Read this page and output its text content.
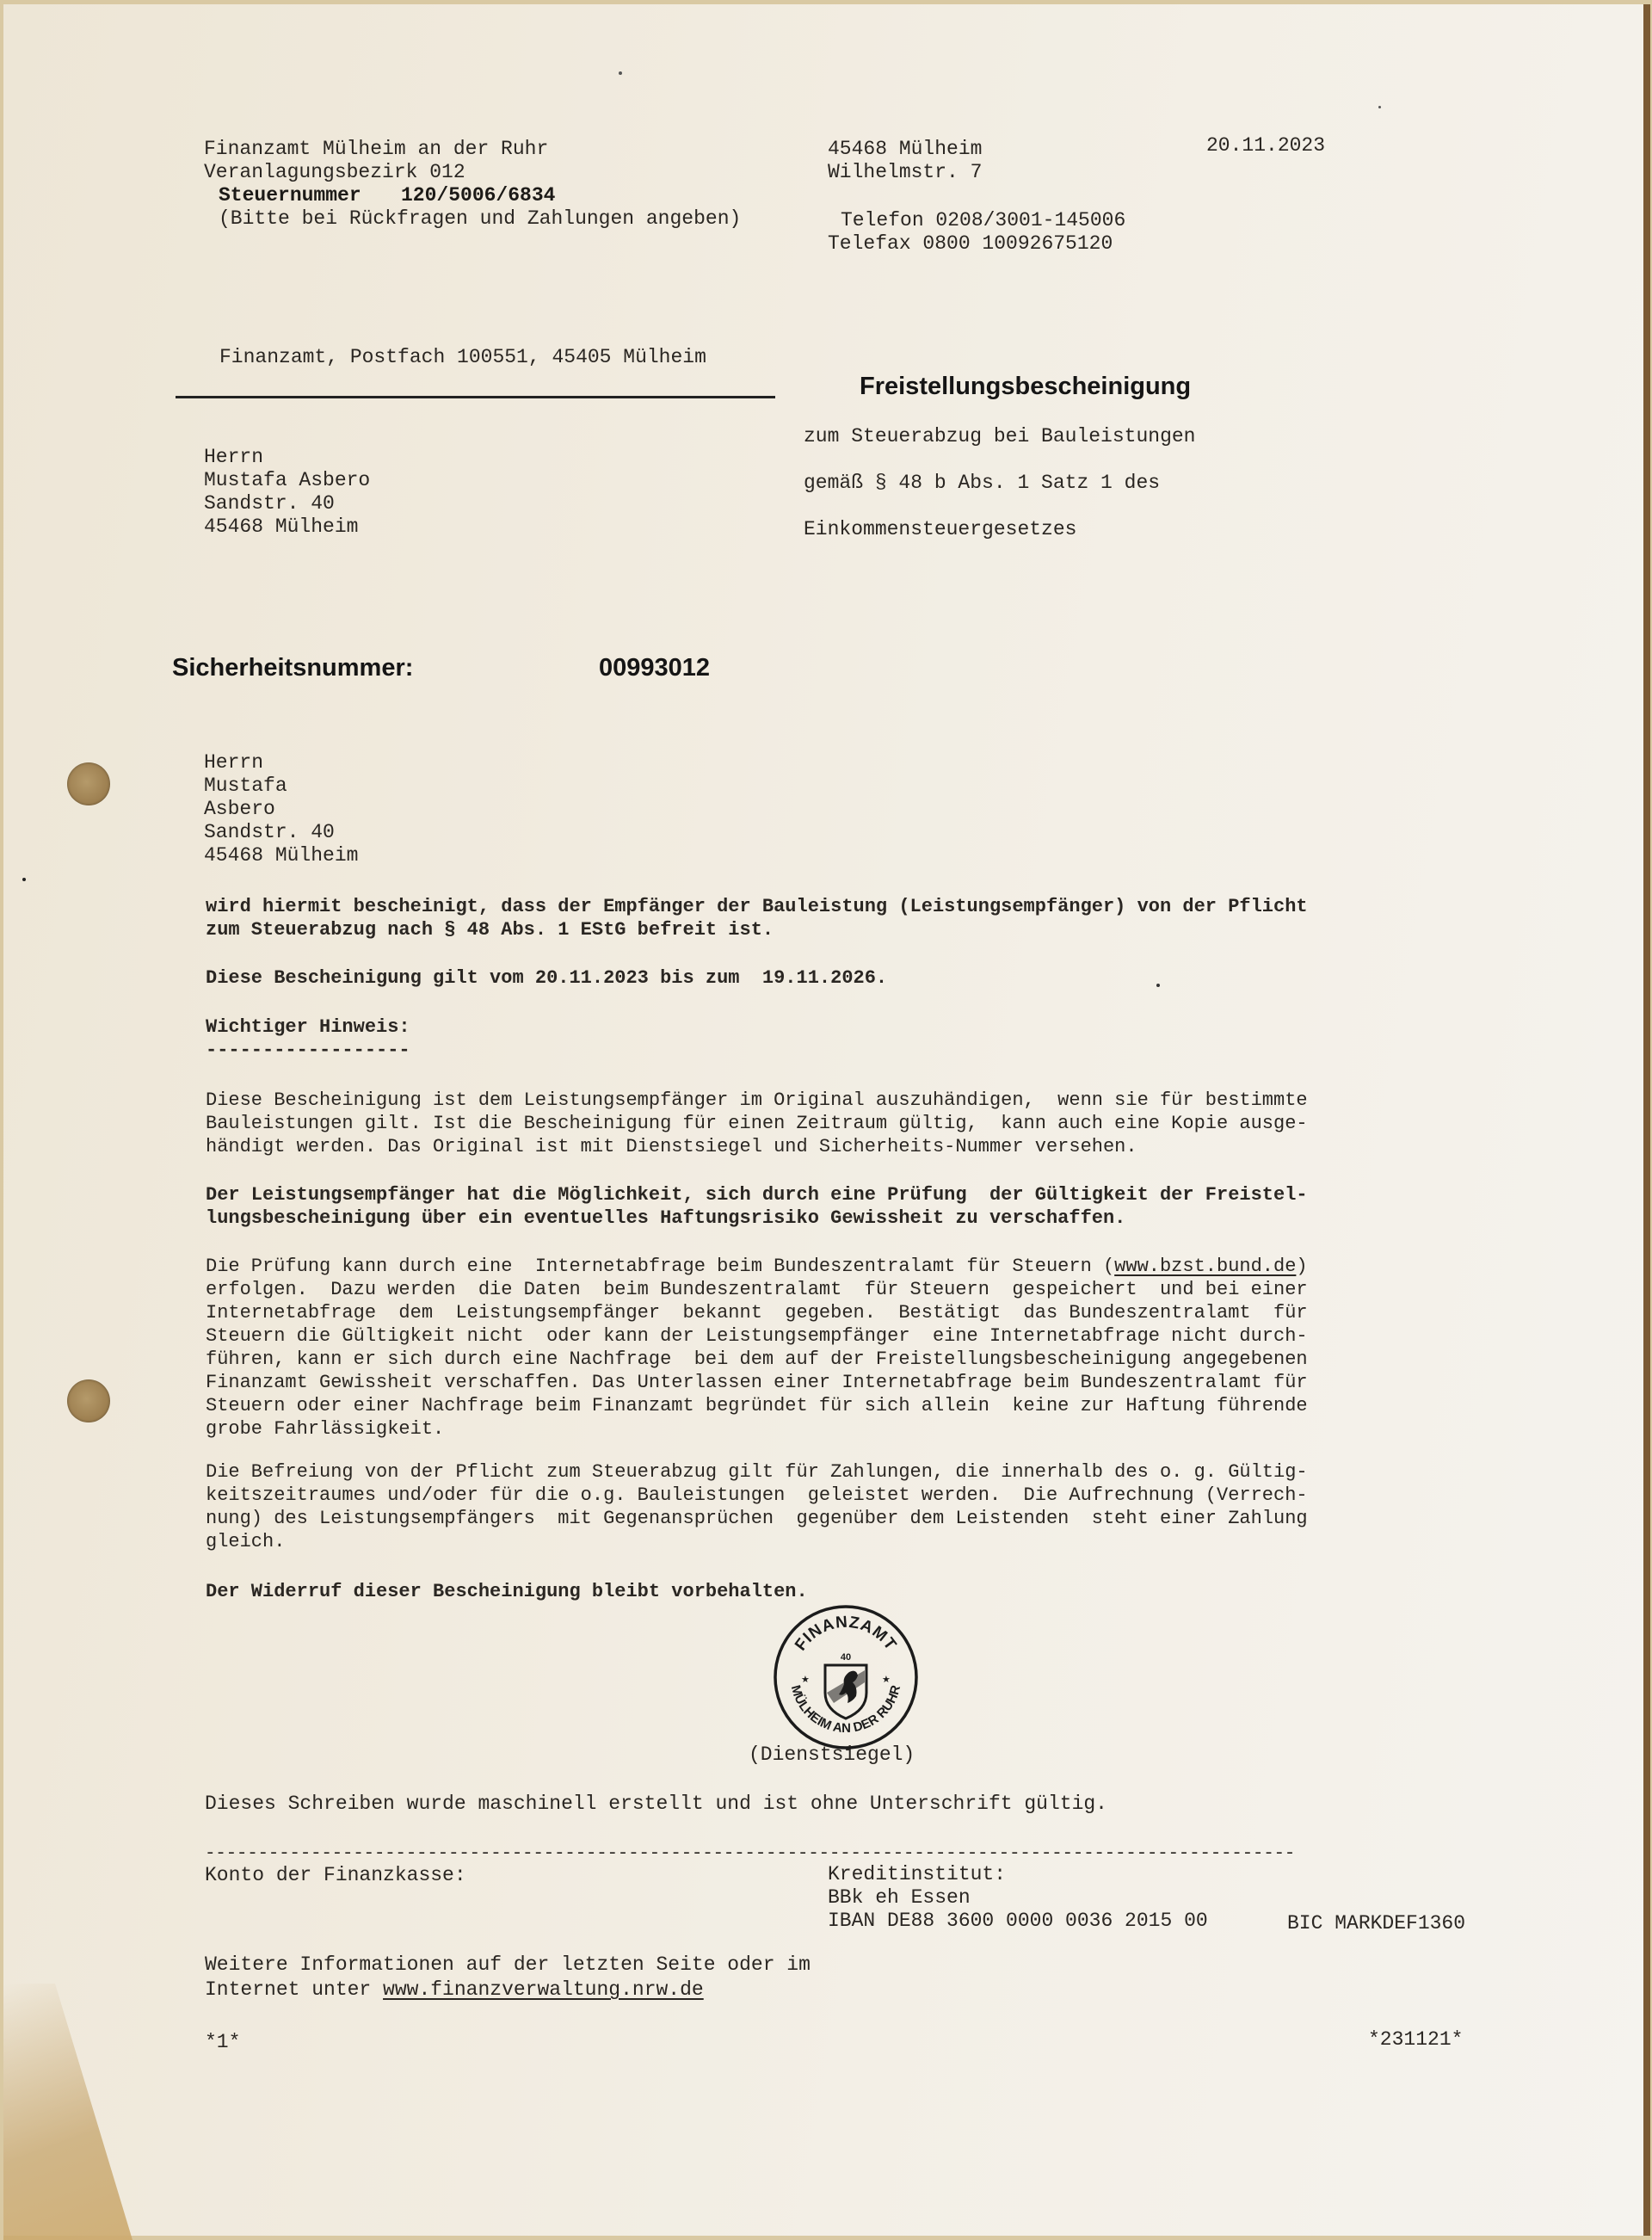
Finanzamt Mülheim an der Ruhr
Veranlagungsbezirk 012
Steuernummer 120/5006/6834
(Bitte bei Rückfragen und Zahlungen angeben)
45468 Mülheim
Wilhelmstr. 7
Telefon 0208/3001-145006
Telefax 0800 10092675120
20.11.2023
Finanzamt, Postfach 100551, 45405 Mülheim
Herrn
Mustafa Asbero
Sandstr. 40
45468 Mülheim
Freistellungsbescheinigung
zum Steuerabzug bei Bauleistungen
gemäß § 48 b Abs. 1 Satz 1 des
Einkommensteuergesetzes
Sicherheitsnummer:	00993012
Herrn
Mustafa
Asbero
Sandstr. 40
45468 Mülheim
wird hiermit bescheinigt, dass der Empfänger der Bauleistung (Leistungsempfänger) von der Pflicht
zum Steuerabzug nach § 48 Abs. 1 EStG befreit ist.
Diese Bescheinigung gilt vom 20.11.2023 bis zum  19.11.2026.
Wichtiger Hinweis:
------------------
Diese Bescheinigung ist dem Leistungsempfänger im Original auszuhändigen,  wenn sie für bestimmte
Bauleistungen gilt. Ist die Bescheinigung für einen Zeitraum gültig,  kann auch eine Kopie ausge-
händigt werden. Das Original ist mit Dienstsiegel und Sicherheits-Nummer versehen.
Der Leistungsempfänger hat die Möglichkeit, sich durch eine Prüfung  der Gültigkeit der Freistel-
lungsbescheinigung über ein eventuelles Haftungsrisiko Gewissheit zu verschaffen.
Die Prüfung kann durch eine  Internetabfrage beim Bundeszentralamt für Steuern (www.bzst.bund.de)
erfolgen.  Dazu werden  die Daten  beim Bundeszentralamt  für Steuern  gespeichert  und bei einer
Internetabfrage  dem  Leistungsempfänger  bekannt  gegeben.  Bestätigt  das Bundeszentralamt  für
Steuern die Gültigkeit nicht  oder kann der Leistungsempfänger  eine Internetabfrage nicht durch-
führen, kann er sich durch eine Nachfrage  bei dem auf der Freistellungsbescheinigung angegebenen
Finanzamt Gewissheit verschaffen. Das Unterlassen einer Internetabfrage beim Bundeszentralamt für
Steuern oder einer Nachfrage beim Finanzamt begründet für sich allein  keine zur Haftung führende
grobe Fahrlässigkeit.
Die Befreiung von der Pflicht zum Steuerabzug gilt für Zahlungen, die innerhalb des o. g. Gültig-
keitszeitraumes und/oder für die o.g. Bauleistungen  geleistet werden.  Die Aufrechnung (Verrech-
nung) des Leistungsempfängers  mit Gegenansprüchen  gegenüber dem Leistenden  steht einer Zahlung
gleich.
Der Widerruf dieser Bescheinigung bleibt vorbehalten.
FINANZAMT
MÜLHEIM AN DER RUHR
40
★	★
(Dienstsiegel)
Dieses Schreiben wurde maschinell erstellt und ist ohne Unterschrift gültig.
-------------------------------------------------------------------------------------------------------
Konto der Finanzkasse:	Kreditinstitut:
BBk eh Essen
IBAN DE88 3600 0000 0036 2015 00	BIC MARKDEF1360
Weitere Informationen auf der letzten Seite oder im
Internet unter www.finanzverwaltung.nrw.de
*1*	*231121*
